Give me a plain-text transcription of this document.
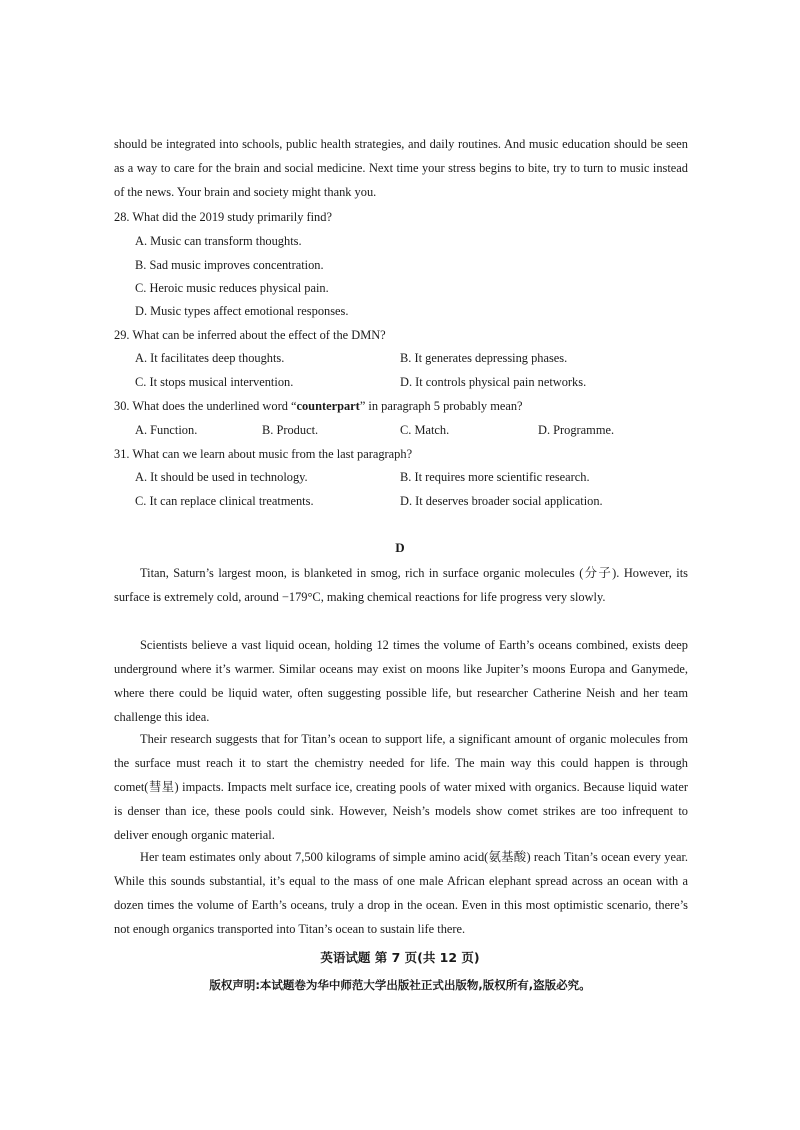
should be integrated into schools, public health strategies, and daily routines. And music education should be seen as a way to care for the brain and social medicine. Next time your stress begins to bite, try to turn to music instead of the news. Your brain and society might thank you.

28. What did the 2019 study primarily find?

A. Music can transform thoughts.

B. Sad music improves concentration.

C. Heroic music reduces physical pain.

D. Music types affect emotional responses.

29. What can be inferred about the effect of the DMN?

A. It facilitates deep thoughts.	B. It generates depressing phases.

C. It stops musical intervention.	D. It controls physical pain networks.

30. What does the underlined word “counterpart” in paragraph 5 probably mean?

A. Function.	B. Product.	C. Match.	D. Programme.

31. What can we learn about music from the last paragraph?

A. It should be used in technology.	B. It requires more scientific research.

C. It can replace clinical treatments.	D. It deserves broader social application.

D

Titan, Saturn’s largest moon, is blanketed in smog, rich in surface organic molecules (分子). However, its surface is extremely cold, around −179°C, making chemical reactions for life progress very slowly.

Scientists believe a vast liquid ocean, holding 12 times the volume of Earth’s oceans combined, exists deep underground where it’s warmer. Similar oceans may exist on moons like Jupiter’s moons Europa and Ganymede, where there could be liquid water, often suggesting possible life, but researcher Catherine Neish and her team challenge this idea.

Their research suggests that for Titan’s ocean to support life, a significant amount of organic molecules from the surface must reach it to start the chemistry needed for life. The main way this could happen is through comet(彗星) impacts. Impacts melt surface ice, creating pools of water mixed with organics. Because liquid water is denser than ice, these pools could sink. However, Neish’s models show comet strikes are too infrequent to deliver enough organic material.

Her team estimates only about 7,500 kilograms of simple amino acid(氨基酸) reach Titan’s ocean every year. While this sounds substantial, it’s equal to the mass of one male African elephant spread across an ocean with a dozen times the volume of Earth’s oceans, truly a drop in the ocean. Even in this most optimistic scenario, there’s not enough organics transported into Titan’s ocean to sustain life there.

英语试题 第 7 页(共 12 页)

版权声明:本试题卷为华中师范大学出版社正式出版物,版权所有,盗版必究。
